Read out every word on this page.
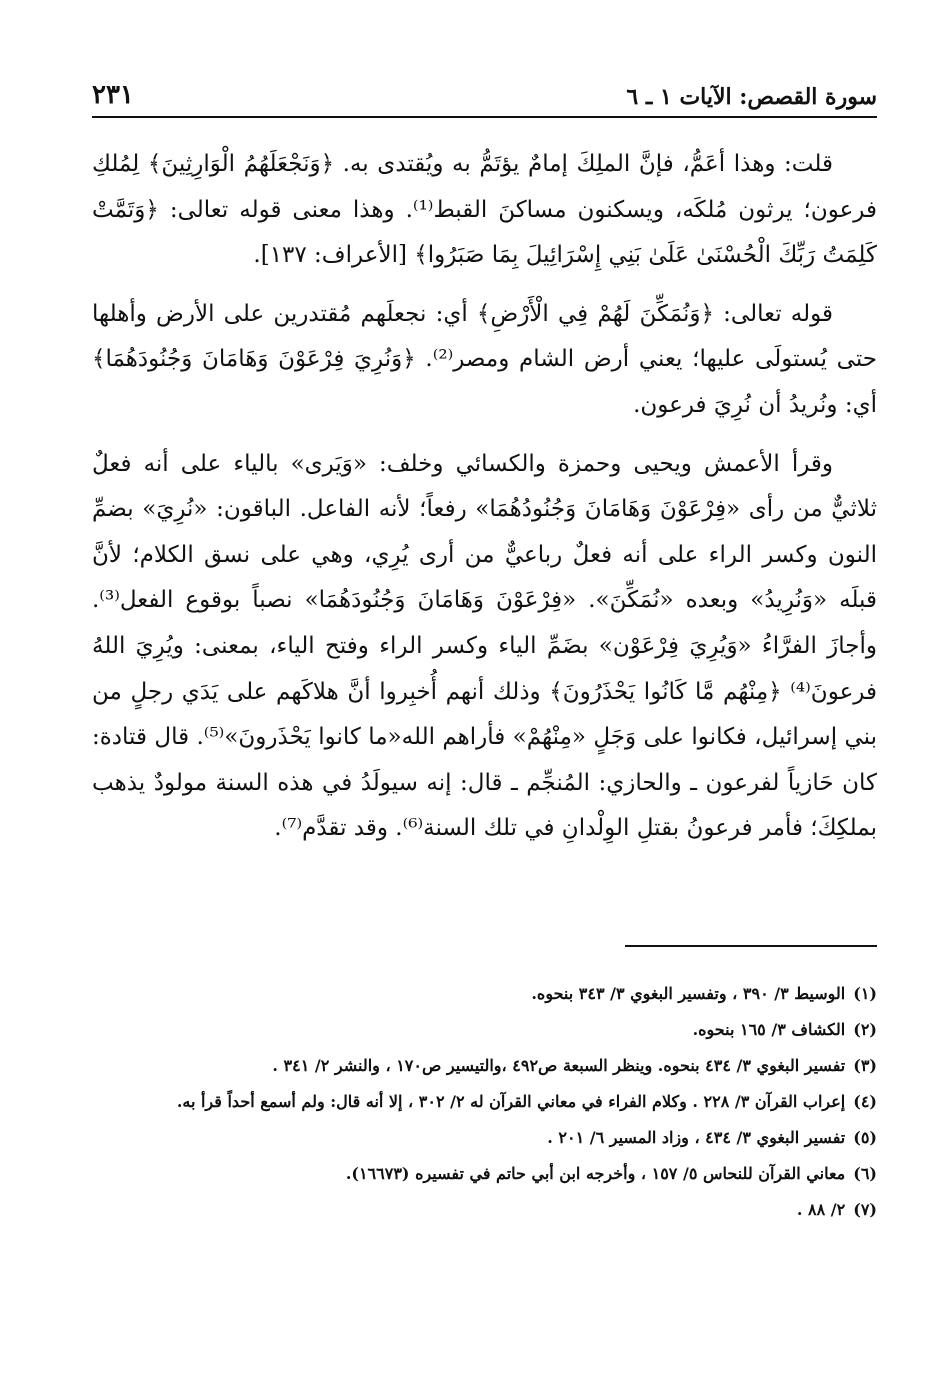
سورة القصص: الآيات ١ ـ ٦
٢٣١

قلت: وهذا أعَمُّ، فإنَّ الملِكَ إمامٌ يؤتَمُّ به ويُقتدى به. ﴿وَنَجْعَلَهُمُ الْوَارِثِينَ﴾ لِمُلكِ فرعون؛ يرثون مُلكَه، ويسكنون مساكنَ القبط⁽¹⁾. وهذا معنى قوله تعالى: ﴿وَتَمَّتْ كَلِمَتُ رَبِّكَ الْحُسْنَىٰ عَلَىٰ بَنِي إِسْرَائِيلَ بِمَا صَبَرُوا﴾ [الأعراف: ١٣٧].

قوله تعالى: ﴿وَنُمَكِّنَ لَهُمْ فِي الْأَرْضِ﴾ أي: نجعلَهم مُقتدرين على الأرض وأهلها حتى يُستولَى عليها؛ يعني أرض الشام ومصر⁽²⁾. ﴿وَنُرِيَ فِرْعَوْنَ وَهَامَانَ وَجُنُودَهُمَا﴾ أي: ونُريدُ أن نُرِيَ فرعون.

وقرأ الأعمش ويحيى وحمزة والكسائي وخلف: «وَيَرى» بالياء على أنه فعلٌ ثلاثيٌّ من رأى «فِرْعَوْنَ وَهَامَانَ وَجُنُودُهُمَا» رفعاً؛ لأنه الفاعل. الباقون: «نُرِيَ» بضمِّ النون وكسر الراء على أنه فعلٌ رباعيٌّ من أرى يُرِي، وهي على نسق الكلام؛ لأنَّ قبلَه «وَنُرِيدُ» وبعده «نُمَكِّنَ». «فِرْعَوْنَ وَهَامَانَ وَجُنُودَهُمَا» نصباً بوقوع الفعل⁽³⁾. وأجازَ الفرَّاءُ «وَيُرِيَ فِرْعَوْن» بضَمِّ الياء وكسر الراء وفتح الياء، بمعنى: ويُرِيَ اللهُ فرعونَ⁽⁴⁾ ﴿مِنْهُم مَّا كَانُوا يَحْذَرُونَ﴾ وذلك أنهم أُخبِروا أنَّ هلاكَهم على يَدَي رجلٍ من بني إسرائيل، فكانوا على وَجَلٍ «مِنْهُمْ» فأراهم الله«ما كانوا يَحْذَرونَ»⁽⁵⁾. قال قتادة: كان حَازياً لفرعون ـ والحازي: المُنجِّم ـ قال: إنه سيولَدُ في هذه السنة مولودٌ يذهب بملكِكَ؛ فأمر فرعونُ بقتلِ الوِلْدانِ في تلك السنة⁽⁶⁾. وقد تقدَّم⁽⁷⁾.

(١)الوسيط ٣/ ٣٩٠ ، وتفسير البغوي ٣/ ٣٤٣ بنحوه.
(٢)الكشاف ٣/ ١٦٥ بنحوه.
(٣)تفسير البغوي ٣/ ٤٣٤ بنحوه. وينظر السبعة ص٤٩٢ ،والتيسير ص١٧٠ ، والنشر ٢/ ٣٤١ .
(٤)إعراب القرآن ٣/ ٢٢٨ . وكلام الفراء في معاني القرآن له ٢/ ٣٠٢ ، إلا أنه قال: ولم أسمع أحداً قرأ به.
(٥)تفسير البغوي ٣/ ٤٣٤ ، وزاد المسير ٦/ ٢٠١ .
(٦)معاني القرآن للنحاس ٥/ ١٥٧ ، وأخرجه ابن أبي حاتم في تفسيره (١٦٦٧٣).
(٧)٢/ ٨٨ .
